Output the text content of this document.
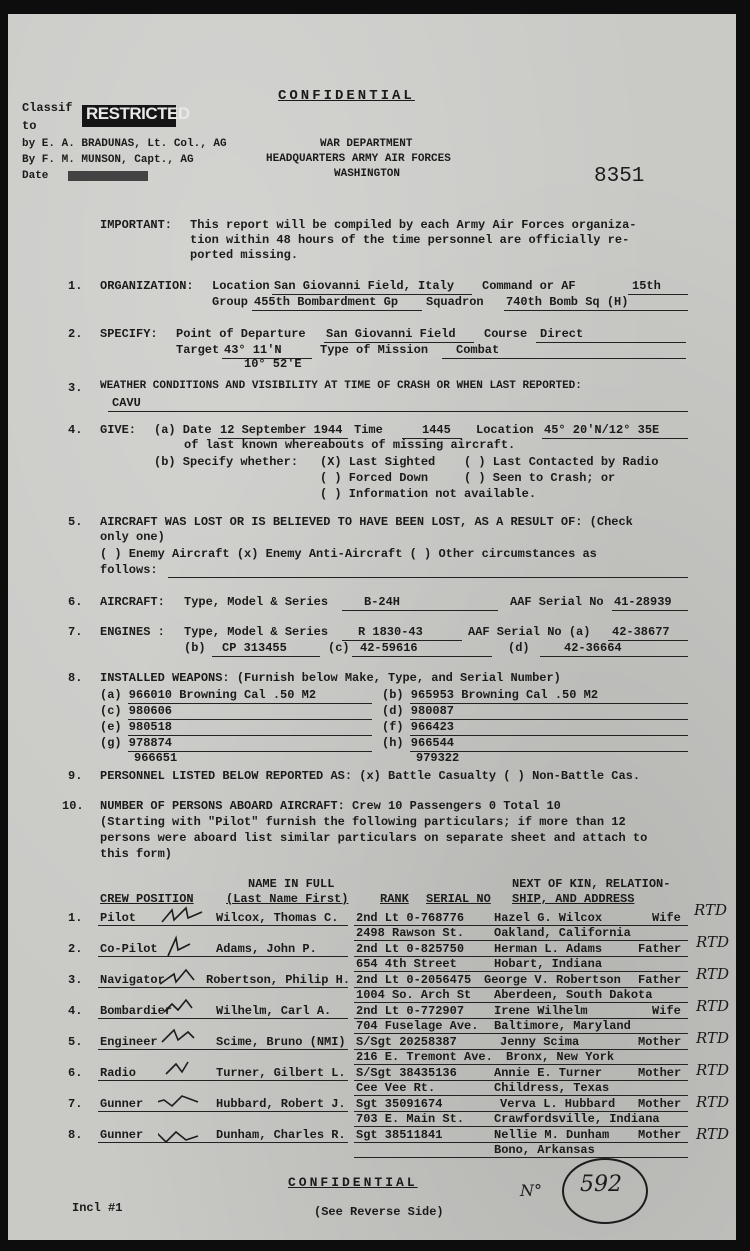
Classif
to
RESTRICTED
by E. A. BRADUNAS, Lt. Col., AG
By F. M. MUNSON, Capt., AG
Date
CONFIDENTIAL
WAR DEPARTMENT
HEADQUARTERS ARMY AIR FORCES
WASHINGTON	8351
IMPORTANT: This report will be compiled by each Army Air Forces organiza-
tion within 48 hours of the time personnel are officially re-
ported missing.
1. ORGANIZATION: Location San Giovanni Field, Italy Command or AF	15th
Group 455th Bombardment Gp Squadron 740th Bomb Sq (H)
2. SPECIFY: Point of Departure San Giovanni Field Course Direct
Target 43° 11'N
10° 52'E
Type of Mission Combat
3. WEATHER CONDITIONS AND VISIBILITY AT TIME OF CRASH OR WHEN LAST REPORTED:
CAVU
4. GIVE: (a) Date 12 September 1944 Time	1445 Location 45° 20'N/12° 35E
of last known whereabouts of missing aircraft.
(b) Specify whether: (X) Last Sighted ( ) Last Contacted by Radio
( ) Forced Down	( ) Seen to Crash; or
( ) Information not available.
5. AIRCRAFT WAS LOST OR IS BELIEVED TO HAVE BEEN LOST, AS A RESULT OF: (Check
only one)
( ) Enemy Aircraft (x) Enemy Anti-Aircraft ( ) Other circumstances as
follows:
6. AIRCRAFT: Type, Model & Series	B-24H	AAF Serial No 41-28939
7. ENGINES : Type, Model & Series R 1830-43	AAF Serial No (a) 42-38677
(b) CP 313455	(c) 42-59616	(d)	42-36664
8. INSTALLED WEAPONS: (Furnish below Make, Type, and Serial Number)
(a) 966010 Browning Cal .50 M2	(b) 965953 Browning Cal .50 M2
(c) 980606	(d) 980087
(e) 980518	(f) 966423
(g) 978874	(h) 966544
966651	979322
9. PERSONNEL LISTED BELOW REPORTED AS: (x) Battle Casualty ( ) Non-Battle Cas.
10. NUMBER OF PERSONS ABOARD AIRCRAFT: Crew 10 Passengers 0 Total 10
(Starting with "Pilot" furnish the following particulars; if more than 12
persons were aboard list similar particulars on separate sheet and attach to
this form)
NAME IN FULL	NEXT OF KIN, RELATION-
CREW POSITION	(Last Name First)	RANK SERIAL NO SHIP, AND ADDRESS
1. Pilot	Wilcox, Thomas C. 2nd Lt 0-768776 Hazel G. Wilcox	Wife
2498 Rawson St. Oakland, California
RTD
2. Co-Pilot	Adams, John P.	2nd Lt 0-825750 Herman L. Adams	Father
654 4th Street	Hobart, Indiana
RTD
3. Navigator	Robertson, Philip H. 2nd Lt 0-2056475 George V. Robertson Father
1004 So. Arch St Aberdeen, South Dakota
RTD
4. Bombardier	Wilhelm, Carl A. 2nd Lt 0-772907 Irene Wilhelm	Wife
704 Fuselage Ave. Baltimore, Maryland
RTD
5. Engineer	Scime, Bruno (NMI) S/Sgt 20258387	Jenny Scima	Mother
216 E. Tremont Ave. Bronx, New York
RTD
6. Radio	Turner, Gilbert L. S/Sgt 38435136	Annie E. Turner	Mother
Cee Vee Rt.	Childress, Texas
RTD
7. Gunner	Hubbard, Robert J. Sgt 35091674	Verva L. Hubbard Mother
703 E. Main St. Crawfordsville, Indiana
RTD
8. Gunner	Dunham, Charles R. Sgt 38511841	Nellie M. Dunham Mother
Bono, Arkansas
RTD
CONFIDENTIAL
Incl #1	(See Reverse Side)
N° 592
